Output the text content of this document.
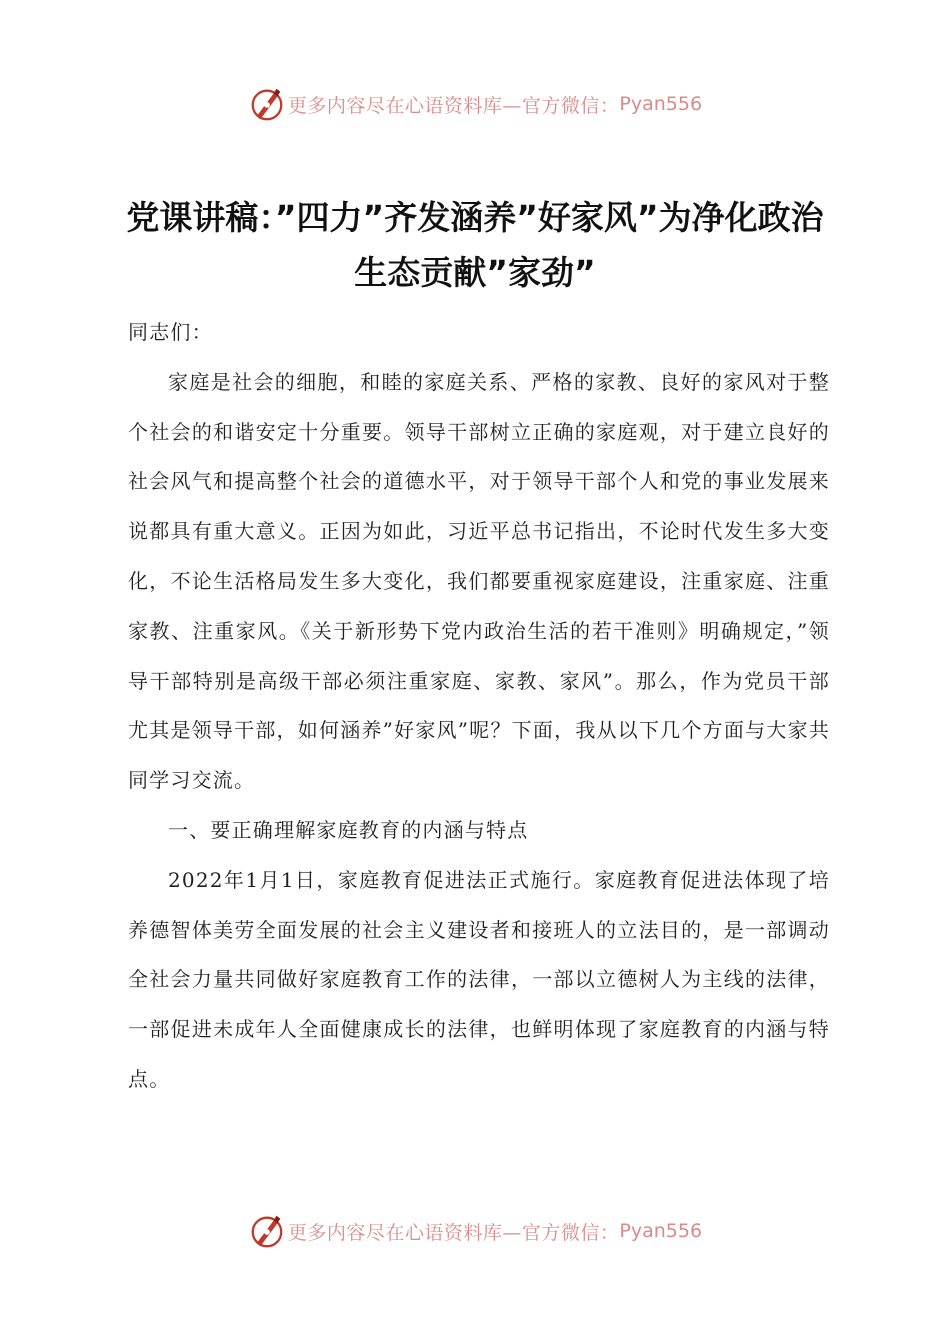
更多内容尽在心语资料库—官方微信： Pyan556
党课讲稿：”四力”齐发涵养”好家风”为净化政治生态贡献”家劲”

同志们：

家庭是社会的细胞，和睦的家庭关系、严格的家教、良好的家风对于整个社会的和谐安定十分重要。领导干部树立正确的家庭观，对于建立良好的社会风气和提高整个社会的道德水平，对于领导干部个人和党的事业发展来说都具有重大意义。正因为如此，习近平总书记指出，不论时代发生多大变化，不论生活格局发生多大变化，我们都要重视家庭建设，注重家庭、注重家教、注重家风。《关于新形势下党内政治生活的若干准则》明确规定，”领导干部特别是高级干部必须注重家庭、家教、家风”。那么，作为党员干部尤其是领导干部，如何涵养”好家风”呢？下面，我从以下几个方面与大家共同学习交流。

一、要正确理解家庭教育的内涵与特点

2022年1月1日，家庭教育促进法正式施行。家庭教育促进法体现了培养德智体美劳全面发展的社会主义建设者和接班人的立法目的，是一部调动全社会力量共同做好家庭教育工作的法律，一部以立德树人为主线的法律，一部促进未成年人全面健康成长的法律，也鲜明体现了家庭教育的内涵与特点。

更多内容尽在心语资料库—官方微信： Pyan556
